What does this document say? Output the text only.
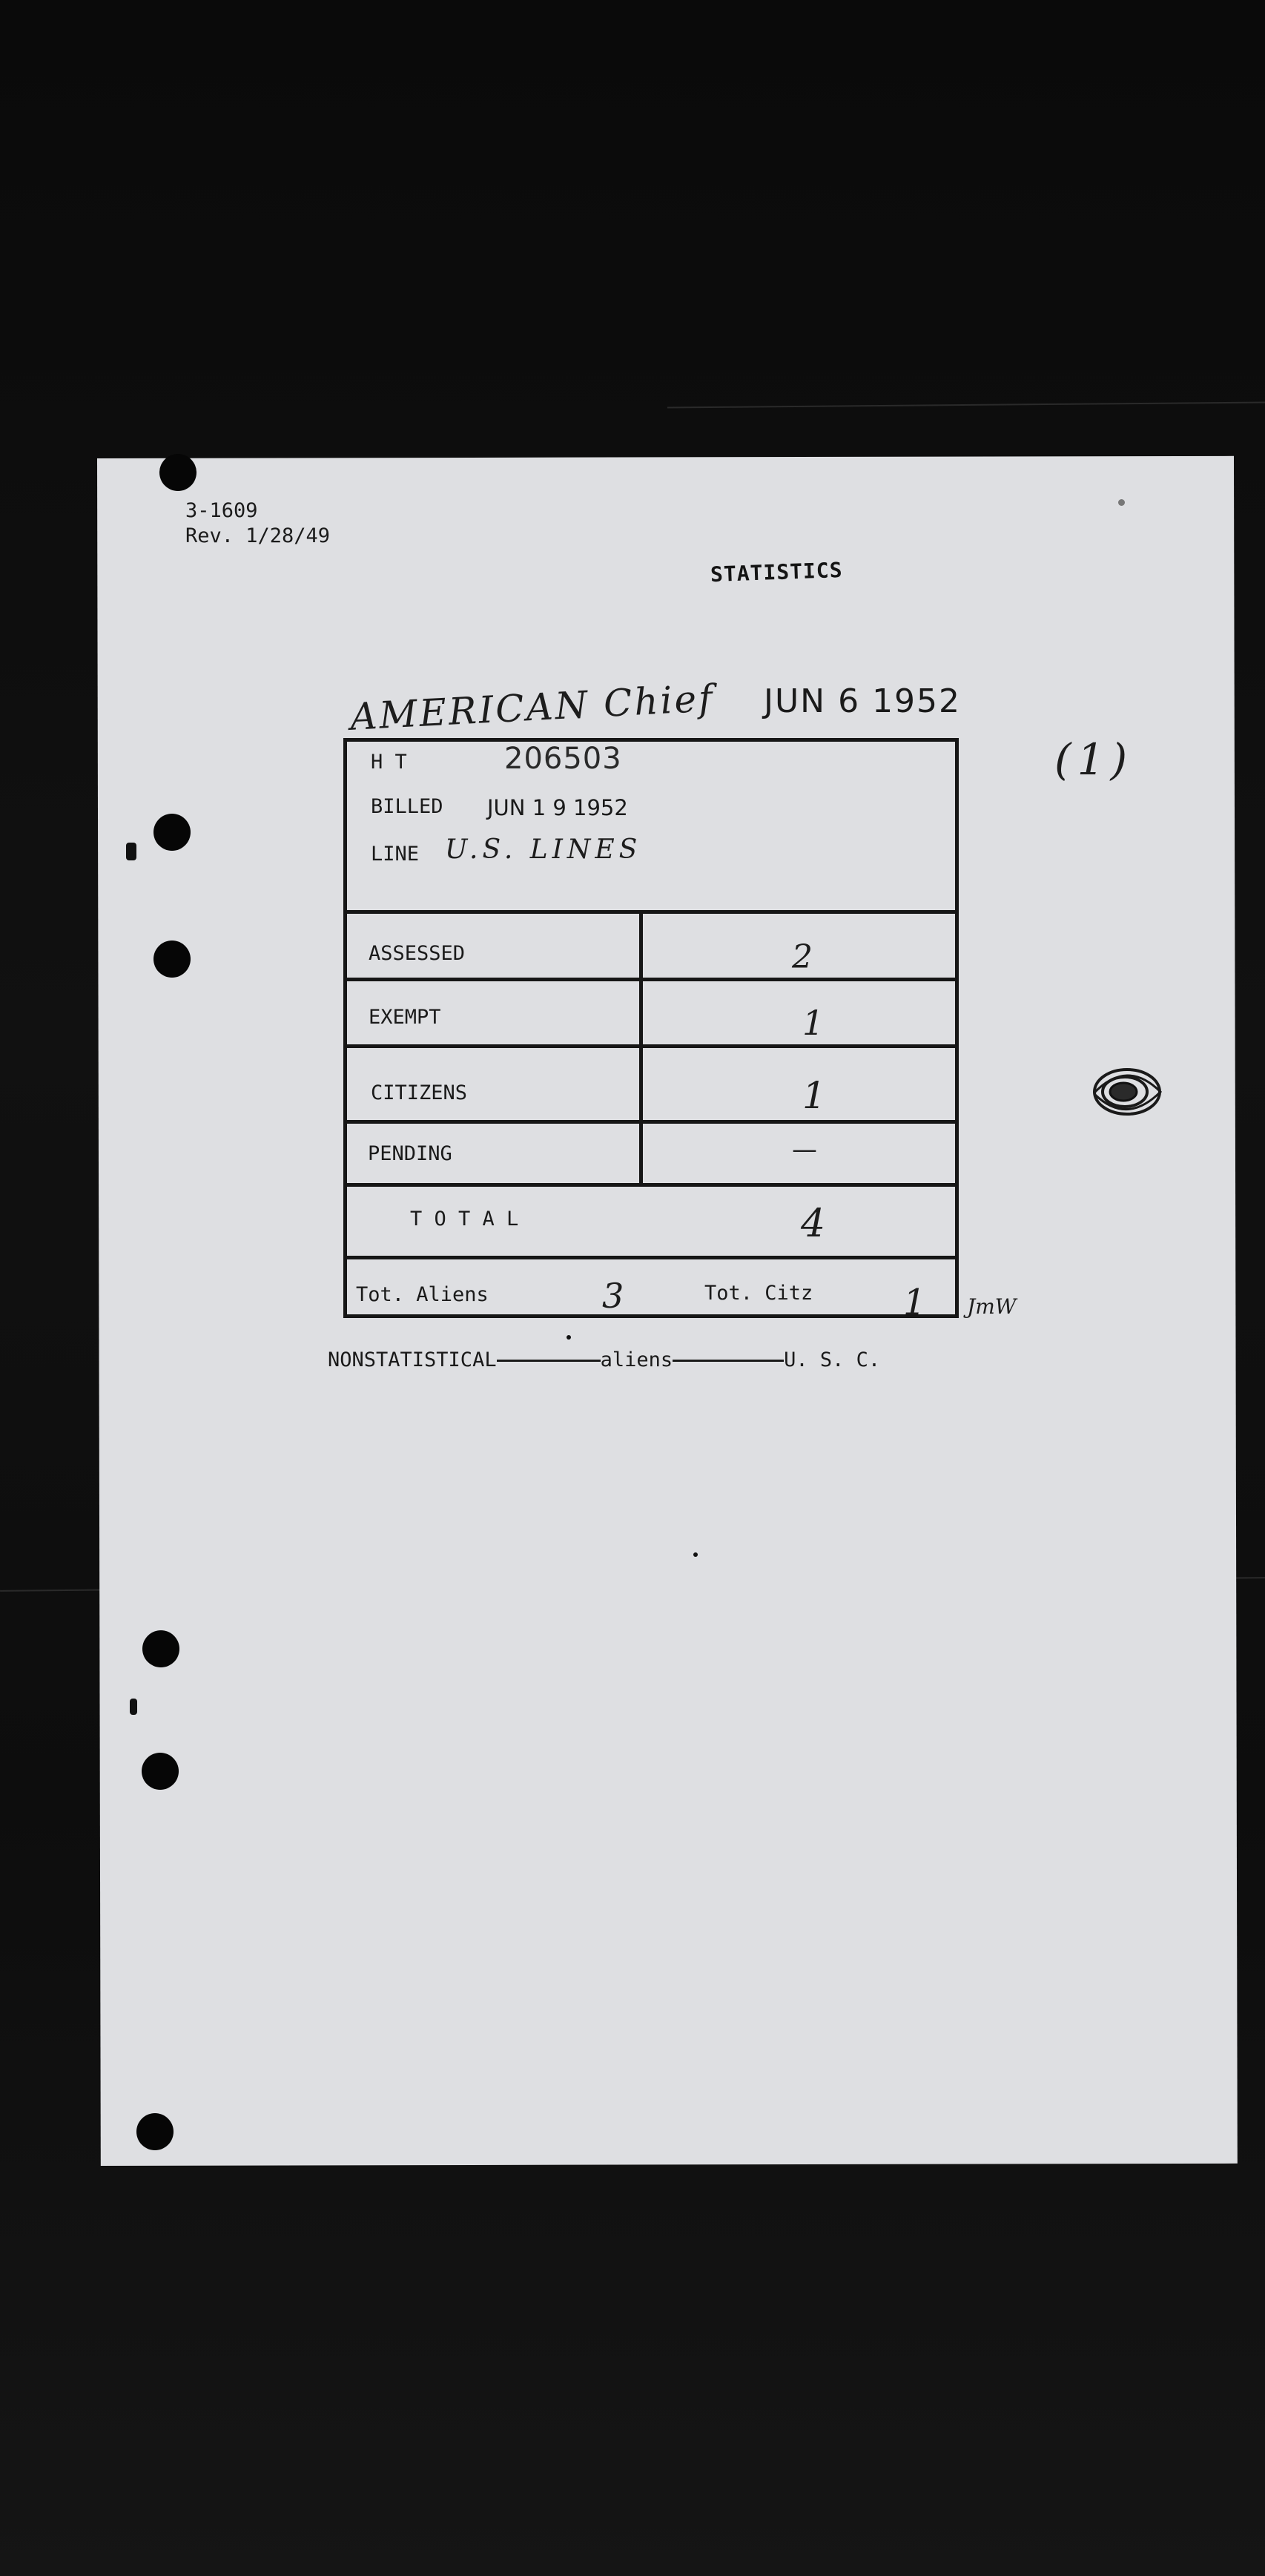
3-1609
Rev. 1/28/49
STATISTICS
AMERICAN Chief JUN 6 1952
(1)
H T	206503
BILLED JUN 1 9 1952
LINE U.S. LINES
ASSESSED	2
EXEMPT	1
CITIZENS	1
PENDING	—
T O T A L	4
Tot. Aliens	3	Tot. Citz	1 JmW
NONSTATISTICAL	aliens	U. S. C.
